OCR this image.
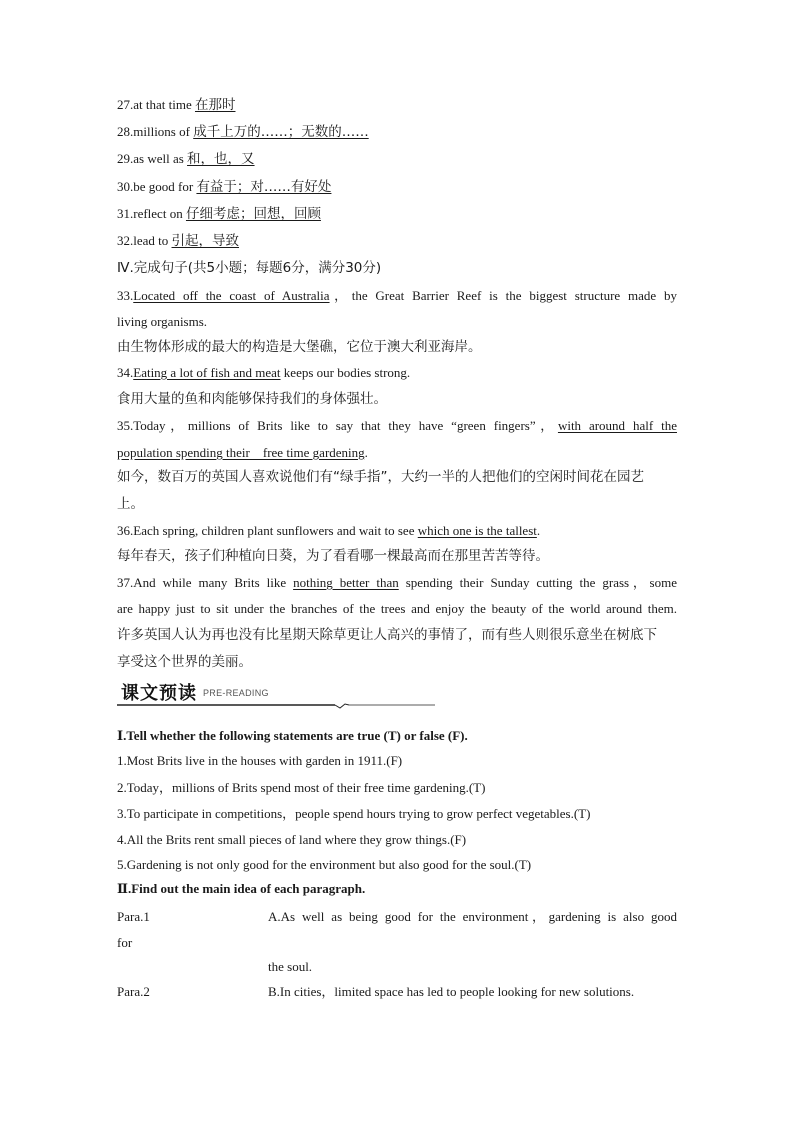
27.at that time 在那时
28.millions of 成千上万的……；无数的……
29.as well as 和，也，又
30.be good for 有益于；对……有好处
31.reflect on 仔细考虑；回想，回顾
32.lead to 引起，导致
Ⅳ.完成句子(共5小题；每题6分，满分30分)
33.Located off the coast of Australia，the Great Barrier Reef is the biggest structure made by
living organisms.
由生物体形成的最大的构造是大堡礁，它位于澳大利亚海岸。
34.Eating a lot of fish and meat keeps our bodies strong.
食用大量的鱼和肉能够保持我们的身体强壮。
35.Today，millions of Brits like to say that they have “green fingers”，with around half the
population spending their    free time gardening.
如今，数百万的英国人喜欢说他们有“绿手指”，大约一半的人把他们的空闲时间花在园艺
上。
36.Each spring, children plant sunflowers and wait to see which one is the tallest.
每年春天，孩子们种植向日葵，为了看看哪一棵最高而在那里苦苦等待。
37.And while many Brits like nothing better than spending their Sunday cutting the grass，some
are happy just to sit under the branches of the trees and enjoy the beauty of the world around them.
许多英国人认为再也没有比星期天除草更让人高兴的事情了，而有些人则很乐意坐在树底下
享受这个世界的美丽。
课文预读 PRE-READING
Ⅰ.Tell whether the following statements are true (T) or false (F).
1.Most Brits live in the houses with garden in 1911.(F)
2.Today，millions of Brits spend most of their free time gardening.(T)
3.To participate in competitions，people spend hours trying to grow perfect vegetables.(T)
4.All the Brits rent small pieces of land where they grow things.(F)
5.Gardening is not only good for the environment but also good for the soul.(T)
Ⅱ.Find out the main idea of each paragraph.
Para.1	A.As well as being good for the environment，gardening is also good
for
the soul.
Para.2	B.In cities，limited space has led to people looking for new solutions.
